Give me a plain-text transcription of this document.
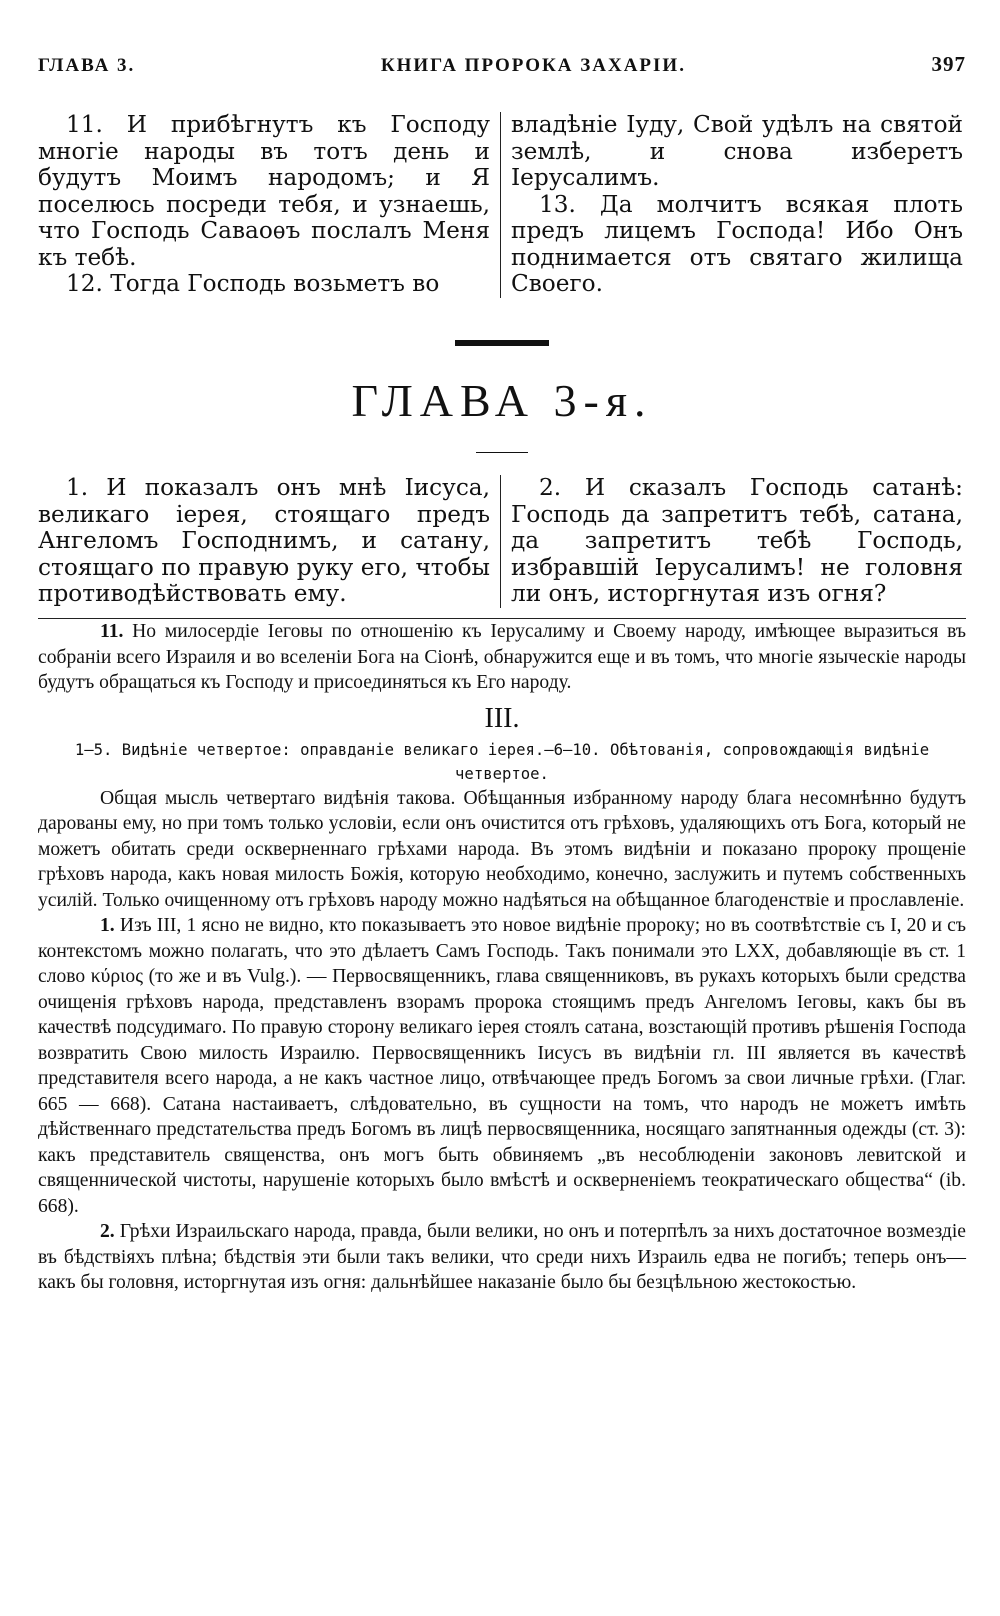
ГЛАВА 3.	КНИГА ПРОРОКА ЗАХАРІИ.	397

11. И прибѣгнутъ къ Господу многіе народы въ тотъ день и будутъ Моимъ народомъ; и Я поселюсь посреди тебя, и узнаешь, что Господь Саваоѳъ послалъ Меня къ тебѣ.

12. Тогда Господь возьметъ во

владѣніе Іуду, Свой удѣлъ на святой землѣ, и снова изберетъ Іерусалимъ.

13. Да молчитъ всякая плоть предъ лицемъ Господа! Ибо Онъ поднимается отъ святаго жилища Своего.

ГЛАВА 3-я.

1. И показалъ онъ мнѣ Іисуса, великаго іерея, стоящаго предъ Ангеломъ Господнимъ, и сатану, стоящаго по правую руку его, чтобы противодѣйствовать ему.

2. И сказалъ Господь сатанѣ: Господь да запретитъ тебѣ, сатана, да запретитъ тебѣ Господь, избравшій Іерусалимъ! не головня ли онъ, исторгнутая изъ огня?

11. Но милосердіе Іеговы по отношенію къ Іерусалиму и Своему народу, имѣющее выразиться въ собраніи всего Израиля и во вселеніи Бога на Сіонѣ, обнаружится еще и въ томъ, что многіе языческіе народы будутъ обращаться къ Господу и присоединяться къ Его народу.

III.
1—5. Видѣніе четвертое: оправданіе великаго іерея.—6—10. Обѣтованія, сопровождающія видѣніе четвертое.

Общая мысль четвертаго видѣнія такова. Обѣщанныя избранному народу блага несомнѣнно будутъ дарованы ему, но при томъ только условіи, если онъ очистится отъ грѣховъ, удаляющихъ отъ Бога, который не можетъ обитать среди оскверненнаго грѣхами народа. Въ этомъ видѣніи и показано пророку прощеніе грѣховъ народа, какъ новая милость Божія, которую необходимо, конечно, заслужить и путемъ собственныхъ усилій. Только очищенному отъ грѣховъ народу можно надѣяться на обѣщанное благоденствіе и прославленіе.

1. Изъ III, 1 ясно не видно, кто показываетъ это новое видѣніе пророку; но въ соотвѣтствіе съ I, 20 и съ контекстомъ можно полагать, что это дѣлаетъ Самъ Господь. Такъ понимали это LXX, добавляющіе въ ст. 1 слово κύριος (то же и въ Vulg.). — Первосвященникъ, глава священниковъ, въ рукахъ которыхъ были средства очищенія грѣховъ народа, представленъ взорамъ пророка стоящимъ предъ Ангеломъ Іеговы, какъ бы въ качествѣ подсудимаго. По правую сторону великаго іерея стоялъ сатана, возстающій противъ рѣшенія Господа возвратить Свою милость Израилю. Первосвященникъ Іисусъ въ видѣніи гл. III является въ качествѣ представителя всего народа, а не какъ частное лицо, отвѣчающее предъ Богомъ за свои личные грѣхи. (Глаг. 665 — 668). Сатана настаиваетъ, слѣдовательно, въ сущности на томъ, что народъ не можетъ имѣть дѣйственнаго предстательства предъ Богомъ въ лицѣ первосвященника, носящаго запятнанныя одежды (ст. 3): какъ представитель священства, онъ могъ быть обвиняемъ „въ несоблюденіи законовъ левитской и священнической чистоты, нарушеніе которыхъ было вмѣстѣ и оскверненіемъ теократическаго общества“ (ib. 668).

2. Грѣхи Израильскаго народа, правда, были велики, но онъ и потерпѣлъ за нихъ достаточное возмездіе въ бѣдствіяхъ плѣна; бѣдствія эти были такъ велики, что среди нихъ Израиль едва не погибъ; теперь онъ—какъ бы головня, исторгнутая изъ огня: дальнѣйшее наказаніе было бы безцѣльною жестокостью.
